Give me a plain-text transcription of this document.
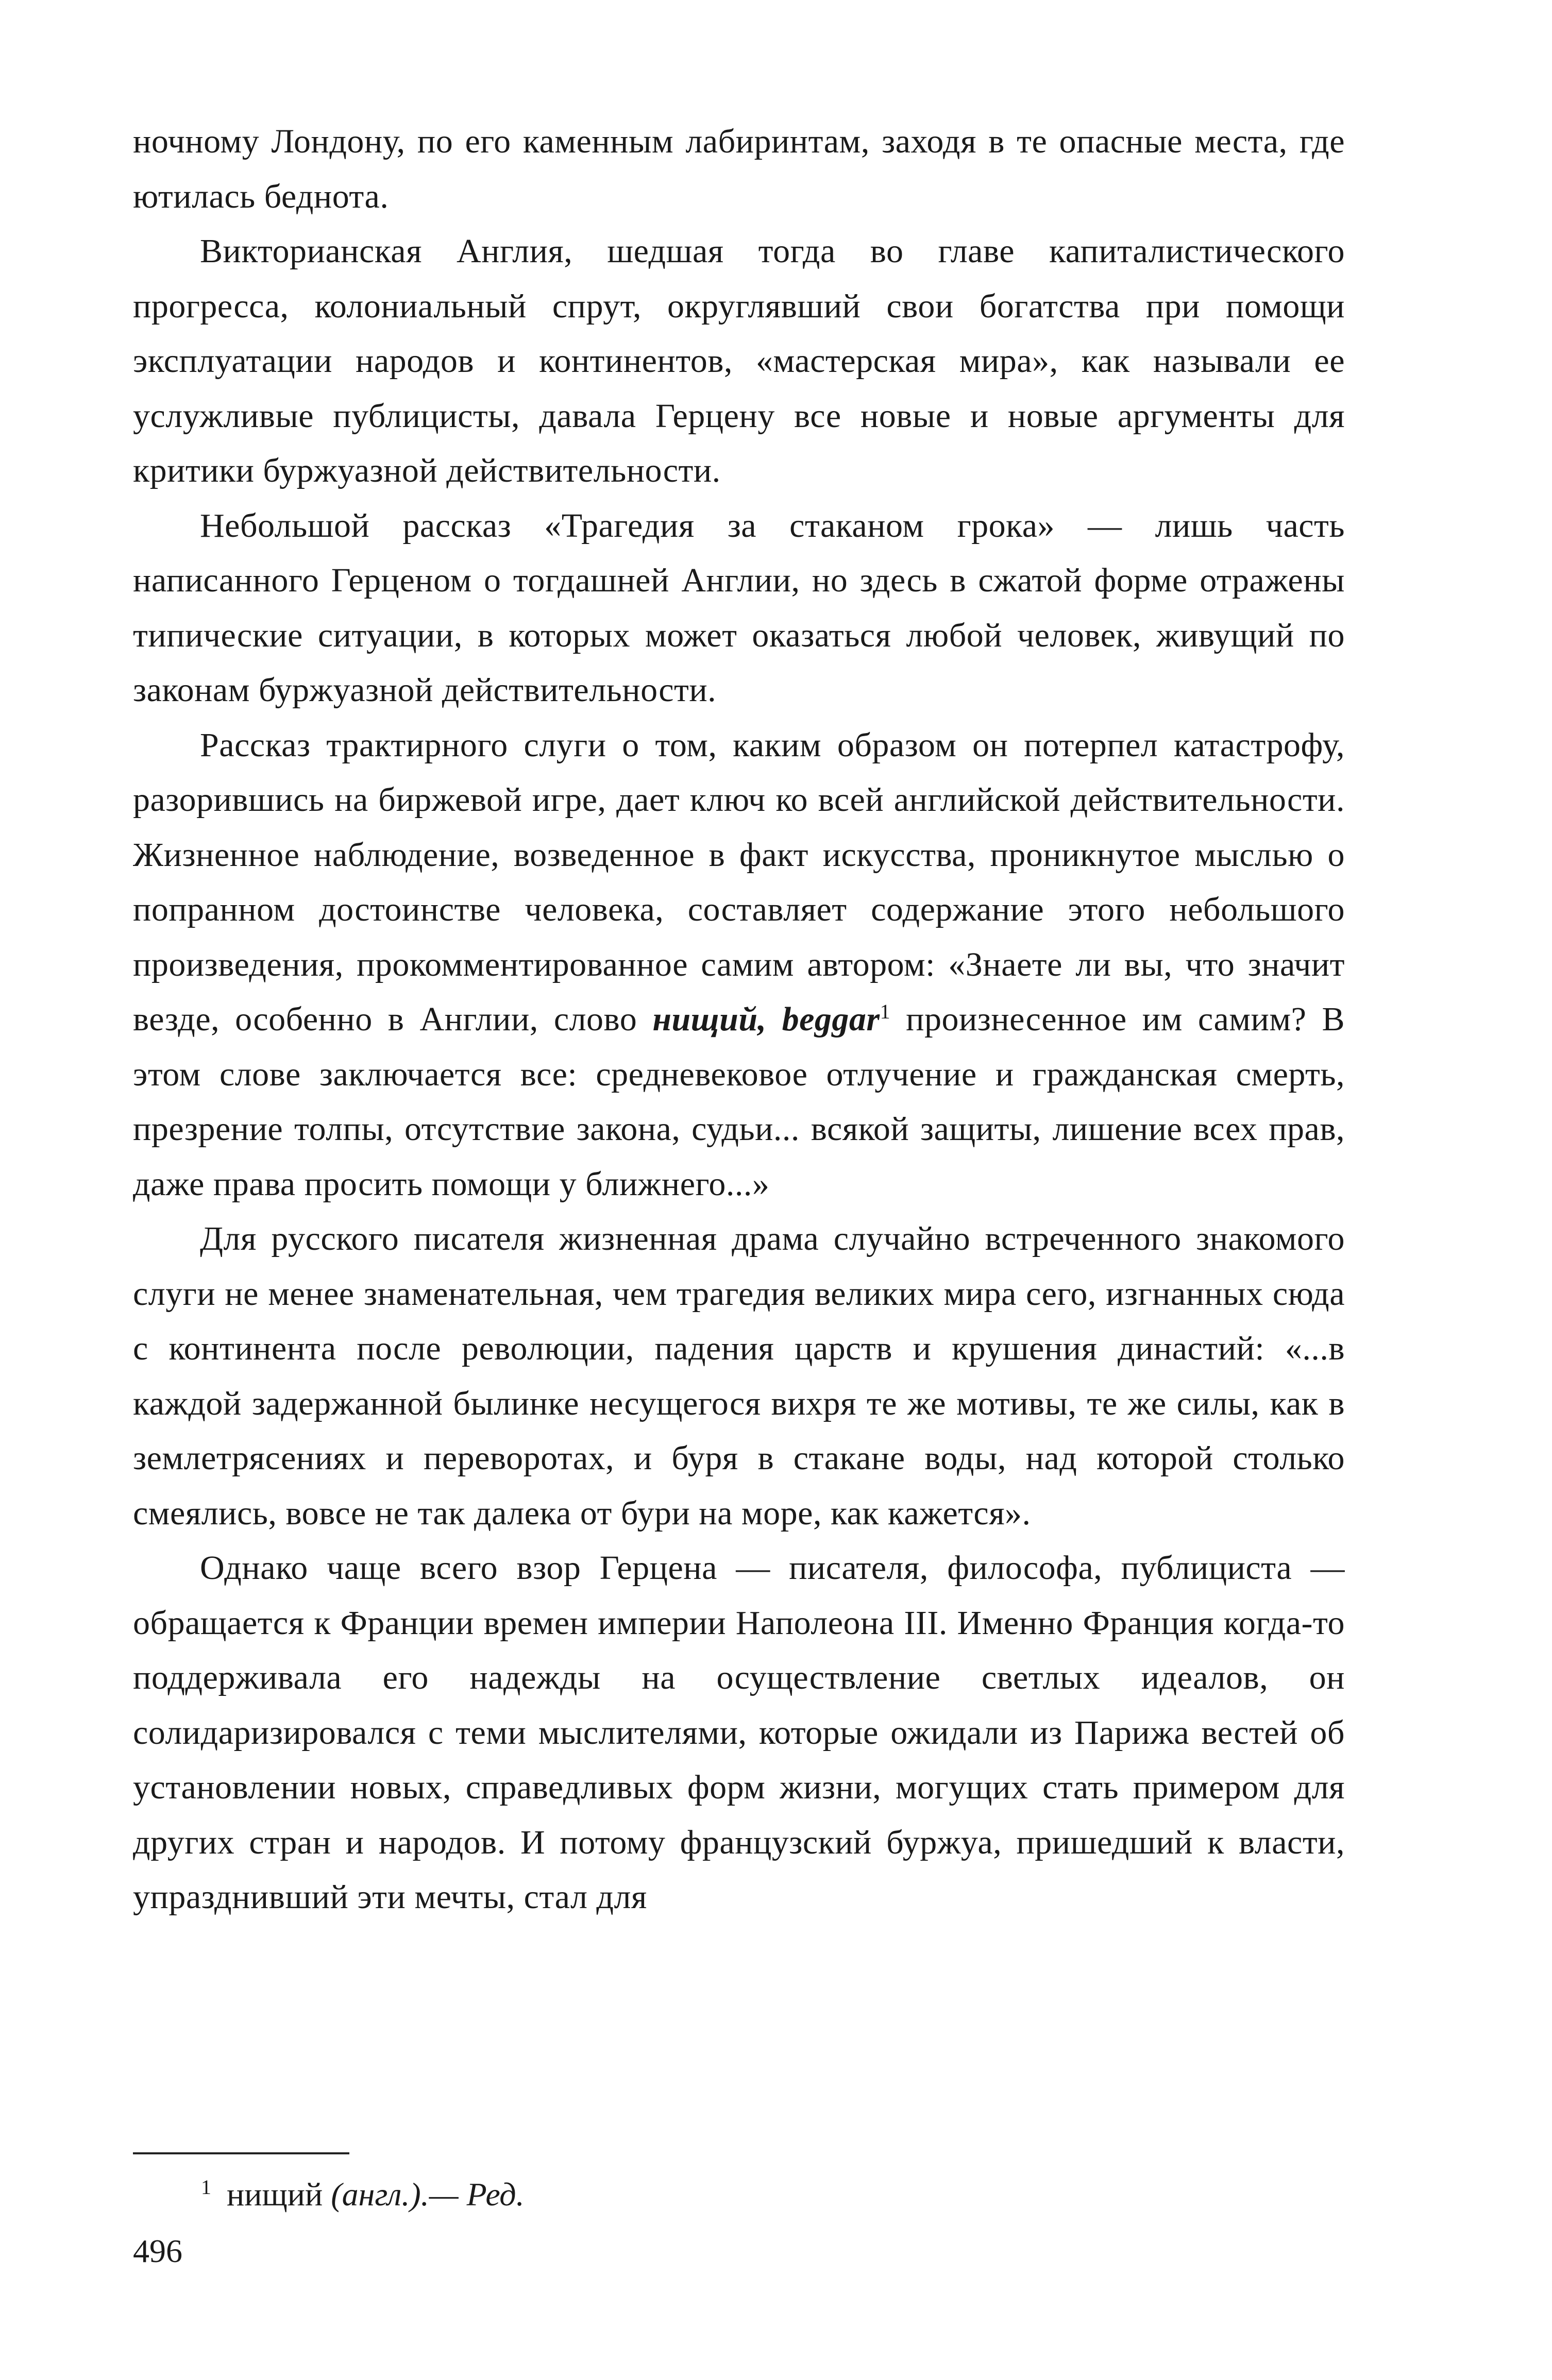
ночному Лондону, по его каменным лабиринтам, заходя в те опасные места, где ютилась беднота.

Викторианская Англия, шедшая тогда во главе капиталистического прогресса, колониальный спрут, округлявший свои богатства при помощи эксплуатации народов и континентов, «мастерская мира», как называли ее услужливые публицисты, давала Герцену все новые и новые аргументы для критики буржуазной действительности.

Небольшой рассказ «Трагедия за стаканом грока» — лишь часть написанного Герценом о тогдашней Англии, но здесь в сжатой форме отражены типические ситуации, в которых может оказаться любой человек, живущий по законам буржуазной действительности.

Рассказ трактирного слуги о том, каким образом он потерпел катастрофу, разорившись на биржевой игре, дает ключ ко всей английской действительности. Жизненное наблюдение, возведенное в факт искусства, проникнутое мыслью о попранном достоинстве человека, составляет содержание этого небольшого произведения, прокомментированное самим автором: «Знаете ли вы, что значит везде, особенно в Англии, слово нищий, beggar$^1$ произнесенное им самим? В этом слове заключается все: средневековое отлучение и гражданская смерть, презрение толпы, отсутствие закона, судьи... всякой защиты, лишение всех прав, даже права просить помощи у ближнего...»

Для русского писателя жизненная драма случайно встреченного знакомого слуги не менее знаменательная, чем трагедия великих мира сего, изгнанных сюда с континента после революции, падения царств и крушения династий: «...в каждой задержанной былинке несущегося вихря те же мотивы, те же силы, как в землетрясениях и переворотах, и буря в стакане воды, над которой столько смеялись, вовсе не так далека от бури на море, как кажется».

Однако чаще всего взор Герцена — писателя, философа, публициста — обращается к Франции времен империи Наполеона III. Именно Франция когда-то поддерживала его надежды на осуществление светлых идеалов, он солидаризировался с теми мыслителями, которые ожидали из Парижа вестей об установлении новых, справедливых форм жизни, могущих стать примером для других стран и народов. И потому французский буржуа, пришедший к власти, упразднивший эти мечты, стал для

$^1$ нищий (англ.).— Ред.
496
